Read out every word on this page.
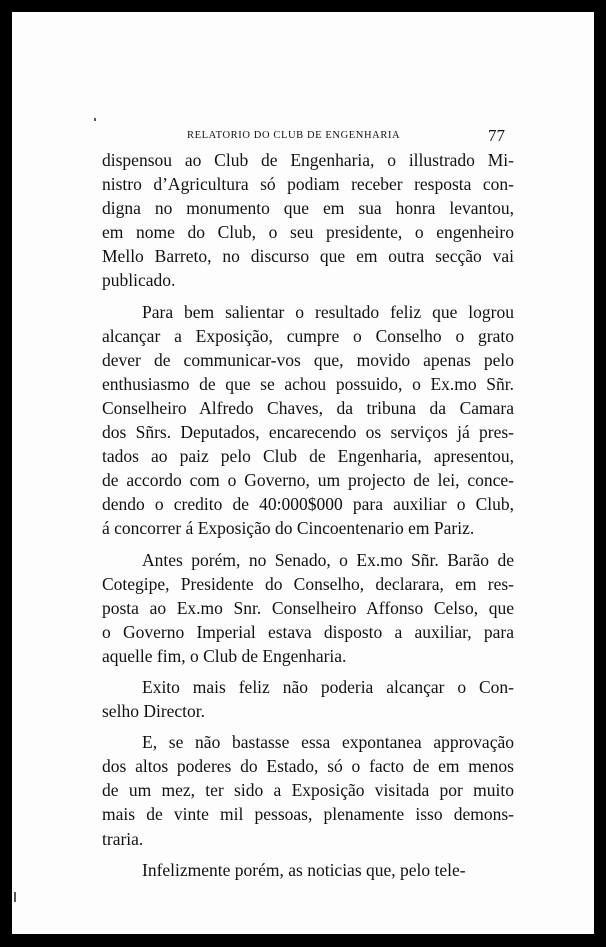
RELATORIO DO CLUB DE ENGENHARIA	77
dispensou ao Club de Engenharia, o illustrado Mi-
nistro d’Agricultura só podiam receber resposta con-
digna no monumento que em sua honra levantou,
em nome do Club, o seu presidente, o engenheiro
Mello Barreto, no discurso que em outra secção vai
publicado.
Para bem salientar o resultado feliz que logrou
alcançar a Exposição, cumpre o Conselho o grato
dever de communicar-vos que, movido apenas pelo
enthusiasmo de que se achou possuido, o Ex.mo Sñr.
Conselheiro Alfredo Chaves, da tribuna da Camara
dos Sñrs. Deputados, encarecendo os serviços já pres-
tados ao paiz pelo Club de Engenharia, apresentou,
de accordo com o Governo, um projecto de lei, conce-
dendo o credito de 40:000$000 para auxiliar o Club,
á concorrer á Exposição do Cincoentenario em Pariz.
Antes porém, no Senado, o Ex.mo Sñr. Barão de
Cotegipe, Presidente do Conselho, declarara, em res-
posta ao Ex.mo Snr. Conselheiro Affonso Celso, que
o Governo Imperial estava disposto a auxiliar, para
aquelle fim, o Club de Engenharia.
Exito mais feliz não poderia alcançar o Con-
selho Director.
E, se não bastasse essa expontanea approvação
dos altos poderes do Estado, só o facto de em menos
de um mez, ter sido a Exposição visitada por muito
mais de vinte mil pessoas, plenamente isso demons-
traria.
Infelizmente porém, as noticias que, pelo tele-
